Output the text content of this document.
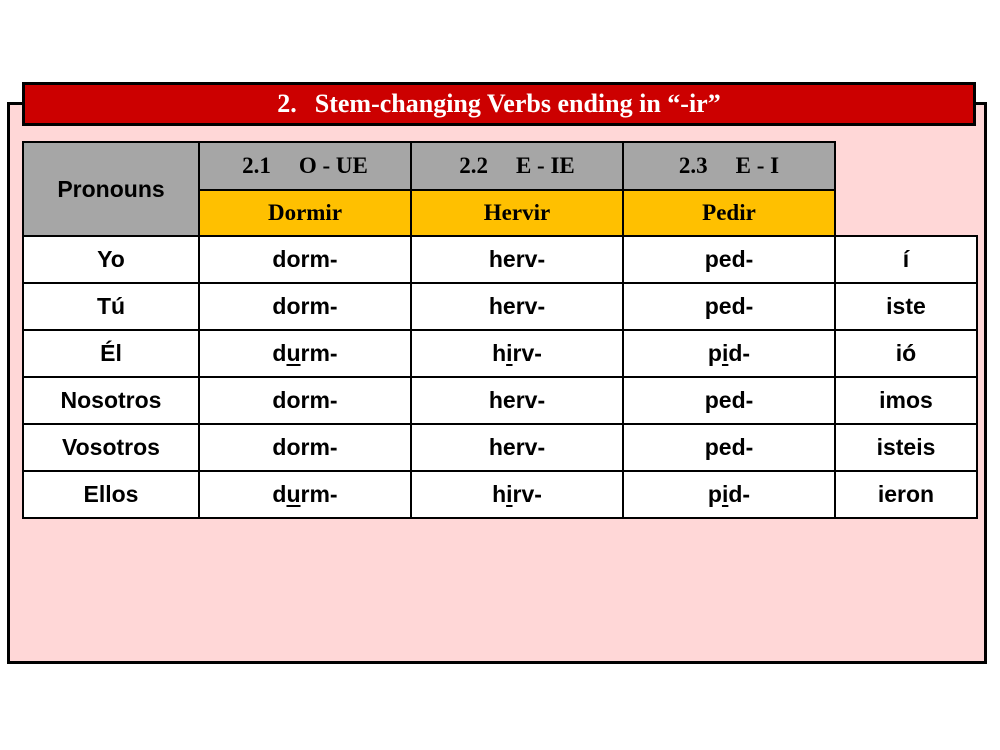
2. Stem-changing Verbs ending in “-ir”
Pronouns	2.1 O - UE	2.2 E - IE	2.3 E - I	
	Dormir	Hervir	Pedir	
Yo	dorm-	herv-	ped-	í
Tú	dorm-	herv-	ped-	iste
Él	durm-	hirv-	pid-	ió
Nosotros	dorm-	herv-	ped-	imos
Vosotros	dorm-	herv-	ped-	isteis
Ellos	durm-	hirv-	pid-	ieron
